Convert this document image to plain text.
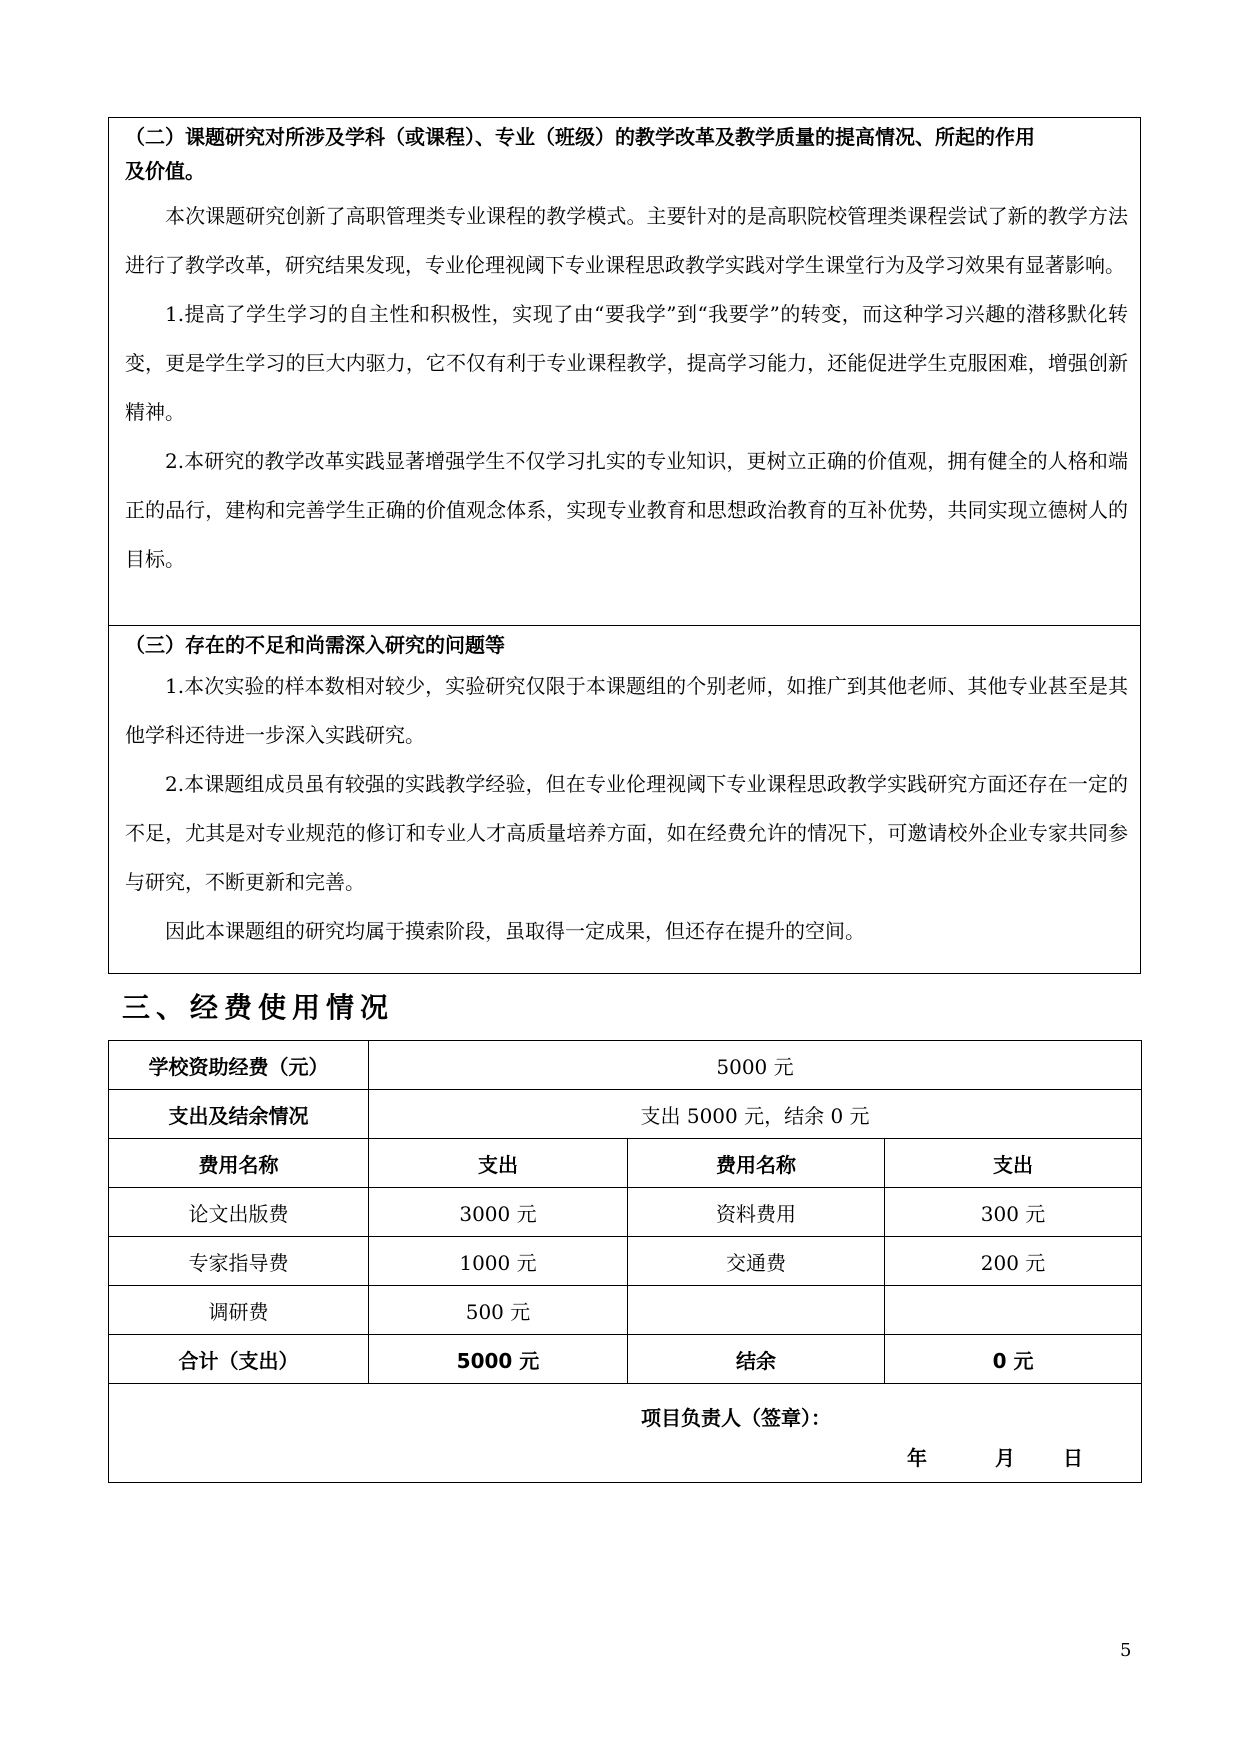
（二）课题研究对所涉及学科（或课程）、专业（班级）的教学改革及教学质量的提高情况、所起的作用
及价值。

本次课题研究创新了高职管理类专业课程的教学模式。主要针对的是高职院校管理类课程尝试了新的教学方法进行了教学改革，研究结果发现，专业伦理视阈下专业课程思政教学实践对学生课堂行为及学习效果有显著影响。

1.提高了学生学习的自主性和积极性，实现了由“要我学”到“我要学”的转变，而这种学习兴趣的潜移默化转变，更是学生学习的巨大内驱力，它不仅有利于专业课程教学，提高学习能力，还能促进学生克服困难，增强创新精神。

2.本研究的教学改革实践显著增强学生不仅学习扎实的专业知识，更树立正确的价值观，拥有健全的人格和端正的品行，建构和完善学生正确的价值观念体系，实现专业教育和思想政治教育的互补优势，共同实现立德树人的目标。

（三）存在的不足和尚需深入研究的问题等

1.本次实验的样本数相对较少，实验研究仅限于本课题组的个别老师，如推广到其他老师、其他专业甚至是其他学科还待进一步深入实践研究。

2.本课题组成员虽有较强的实践教学经验，但在专业伦理视阈下专业课程思政教学实践研究方面还存在一定的不足，尤其是对专业规范的修订和专业人才高质量培养方面，如在经费允许的情况下，可邀请校外企业专家共同参与研究，不断更新和完善。

因此本课题组的研究均属于摸索阶段，虽取得一定成果，但还存在提升的空间。

三、经费使用情况
学校资助经费（元）	5000 元		
支出及结余情况	支出 5000 元，结余 0 元		
费用名称	支出	费用名称	支出
论文出版费	3000 元	资料费用	300 元
专家指导费	1000 元	交通费	200 元
调研费	500 元		
合计（支出）	5000 元	结余	0 元

项目负责人（签章）：
年 月 日			
5
